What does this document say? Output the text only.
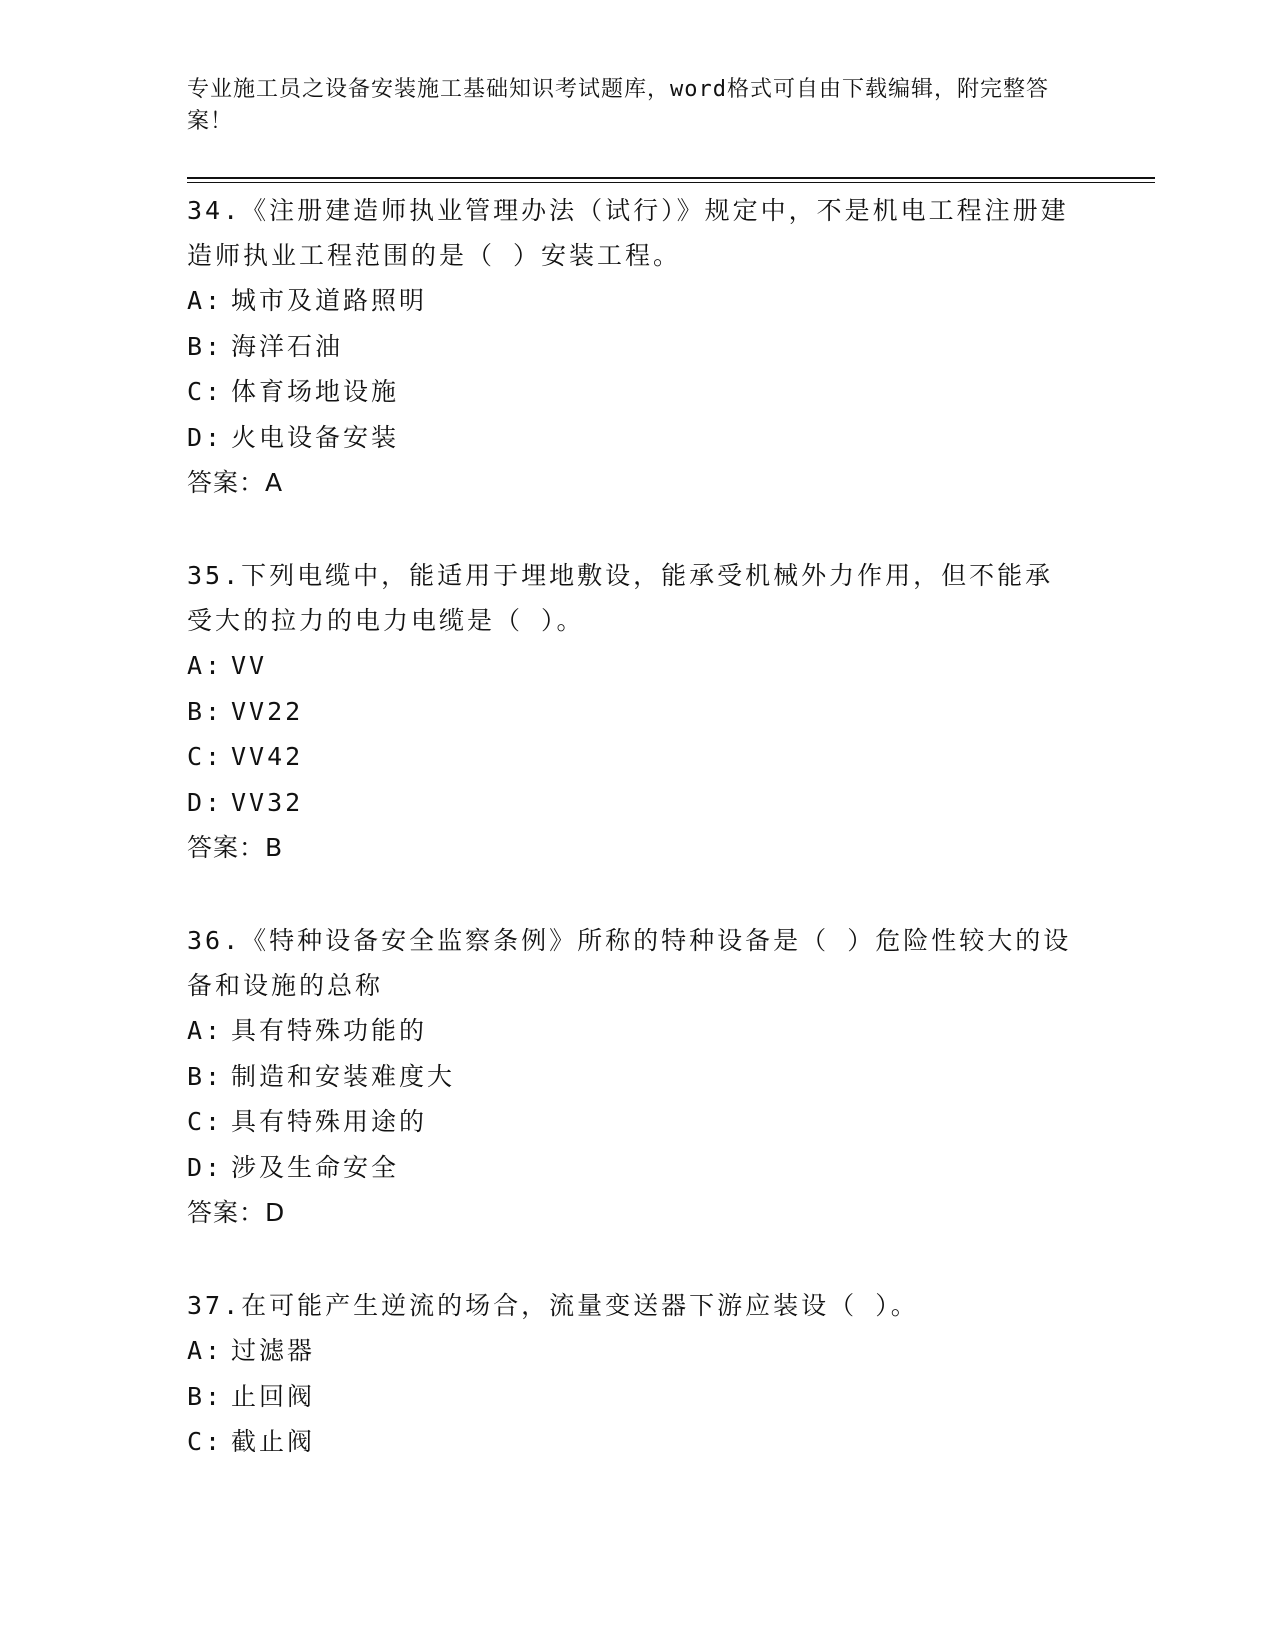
专业施工员之设备安装施工基础知识考试题库，word格式可自由下载编辑，附完整答案！
34.《注册建造师执业管理办法（试行）》规定中，不是机电工程注册建造师执业工程范围的是（ ）安装工程。
A: 城市及道路照明
B: 海洋石油
C: 体育场地设施
D: 火电设备安装
答案：A
35.下列电缆中，能适用于埋地敷设，能承受机械外力作用，但不能承受大的拉力的电力电缆是（ ）。
A: VV
B: VV22
C: VV42
D: VV32
答案：B
36.《特种设备安全监察条例》所称的特种设备是（ ）危险性较大的设备和设施的总称
A: 具有特殊功能的
B: 制造和安装难度大
C: 具有特殊用途的
D: 涉及生命安全
答案：D
37.在可能产生逆流的场合，流量变送器下游应装设（ ）。
A: 过滤器
B: 止回阀
C: 截止阀
